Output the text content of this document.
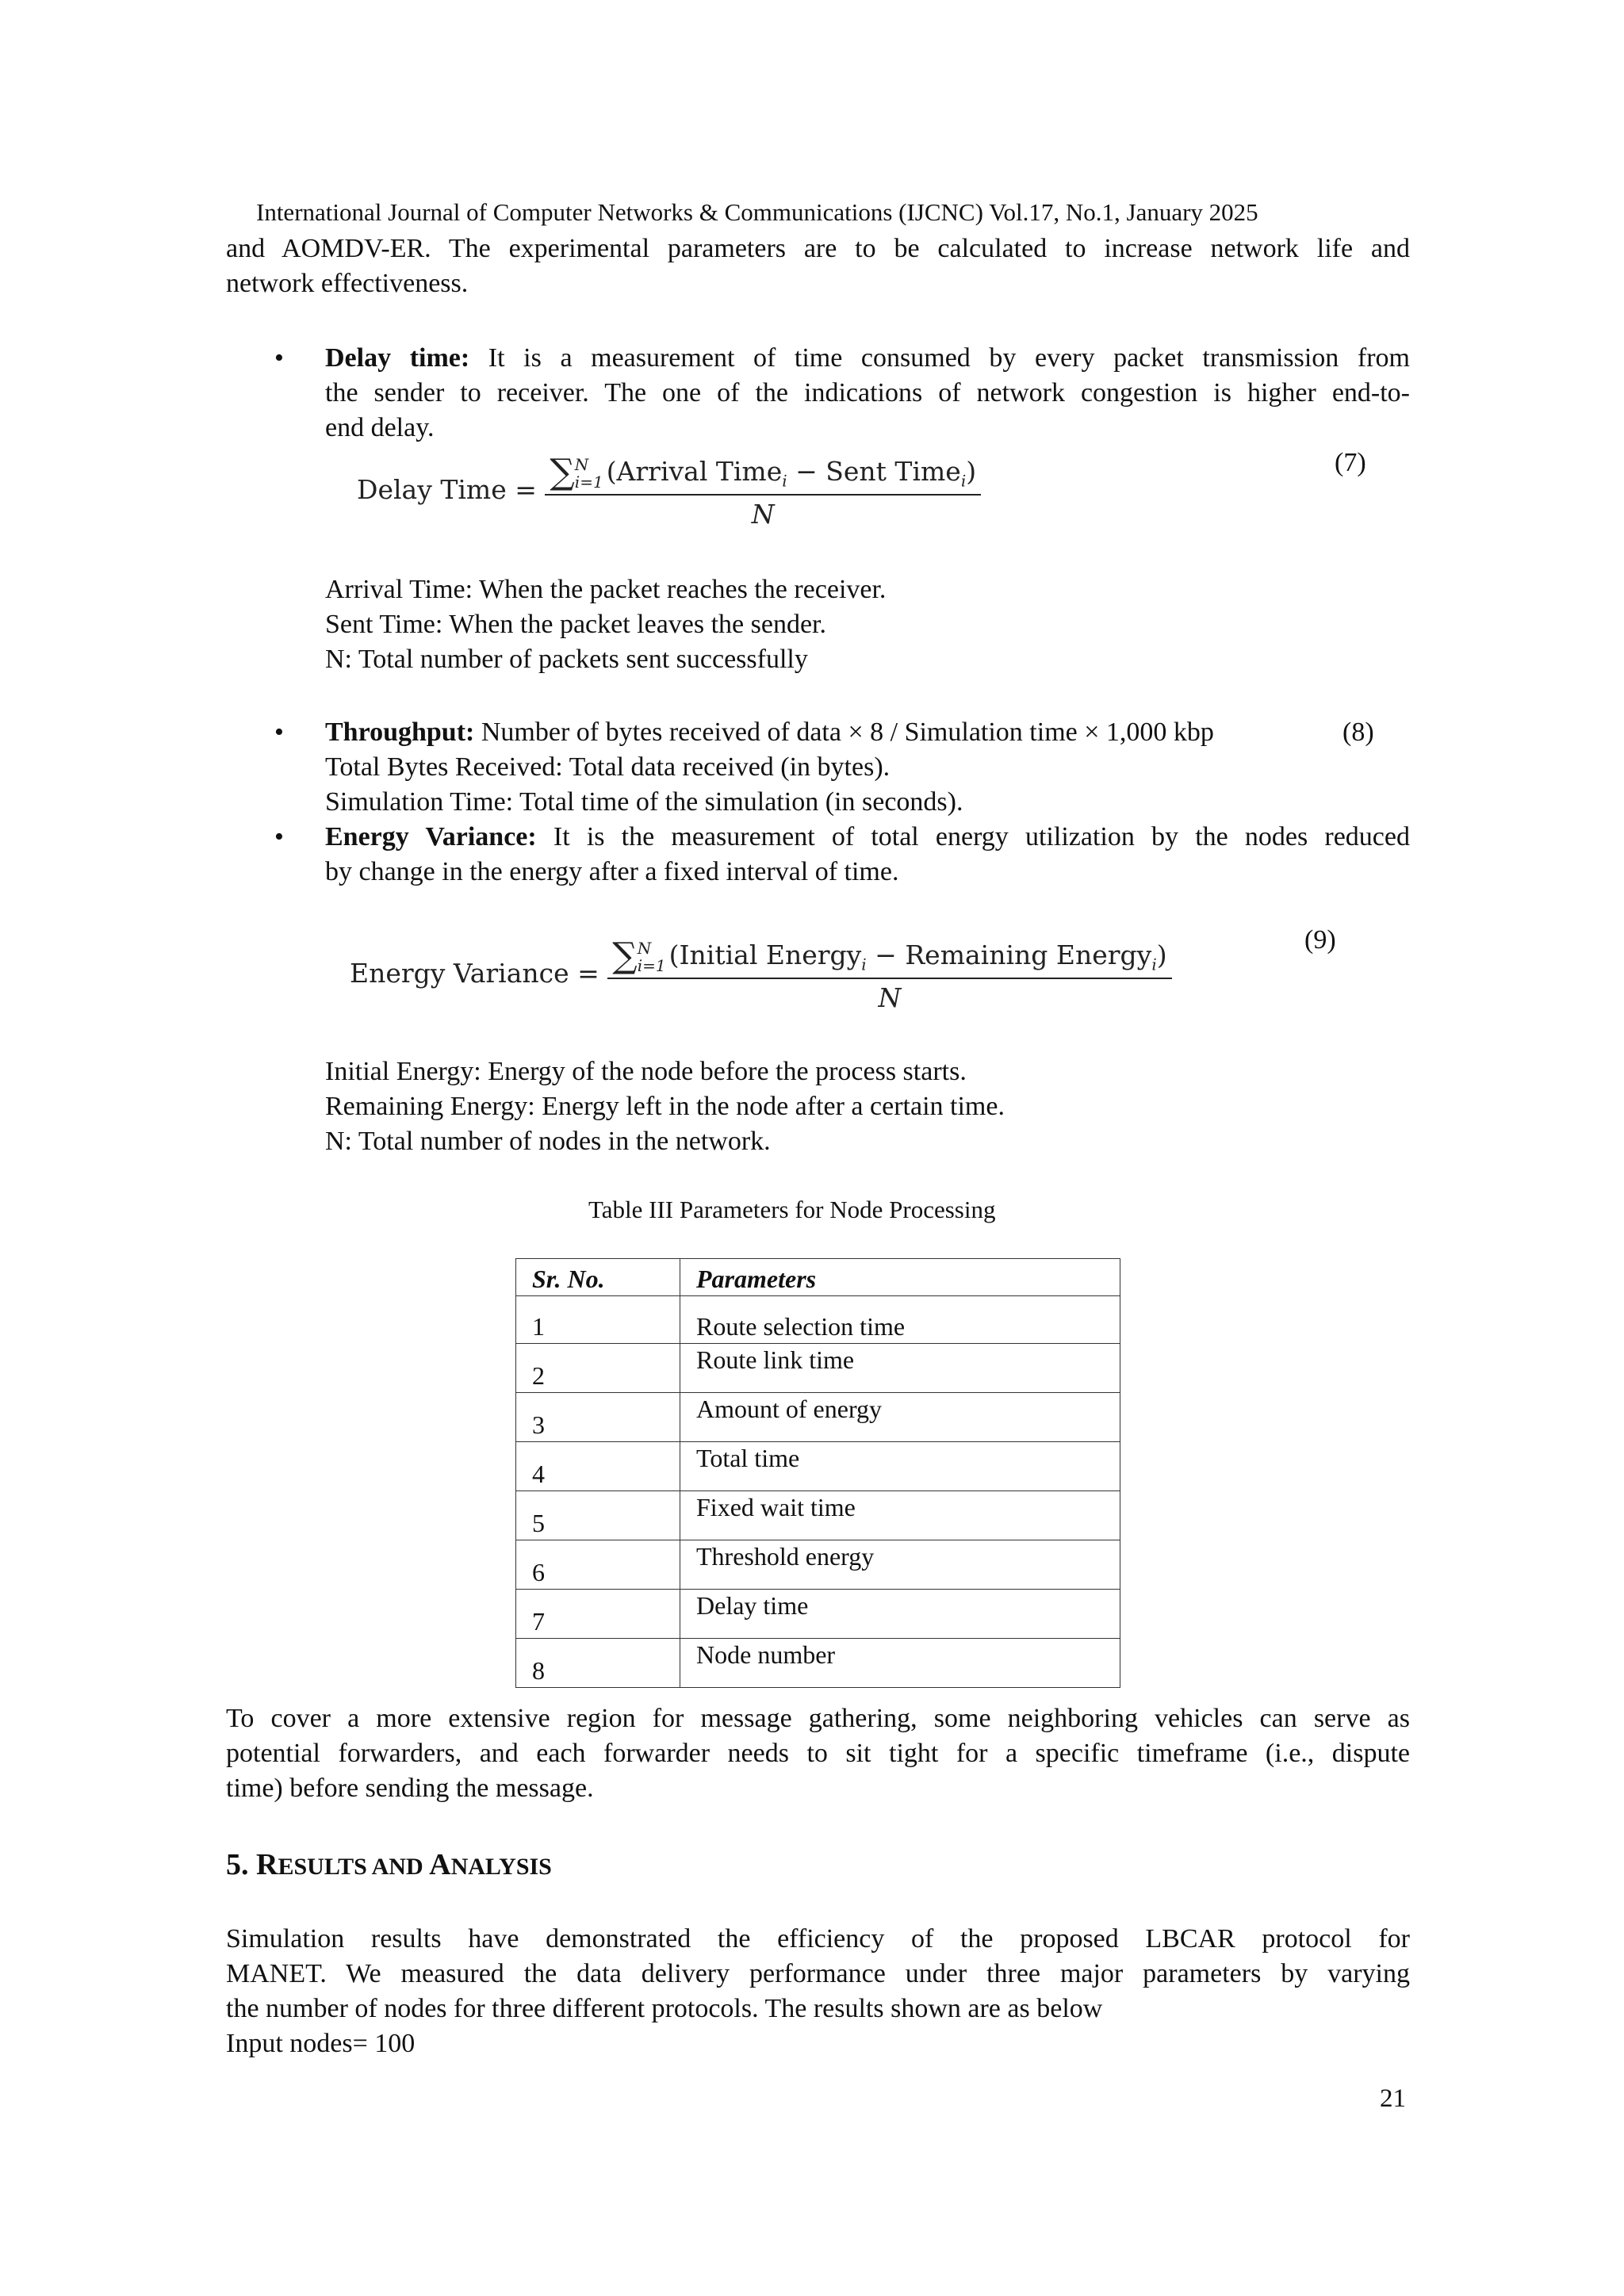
International Journal of Computer Networks & Communications (IJCNC) Vol.17, No.1, January 2025
and AOMDV-ER. The experimental parameters are to be calculated to increase network life and
network effectiveness.
• Delay time: It is a measurement of time consumed by every packet transmission from
the sender to receiver. The one of the indications of network congestion is higher end-to-
end delay.
Delay Time = ∑ N
i=1 (Arrival Time$_i$ − Sent Time$_i$)
N	(7)
Arrival Time: When the packet reaches the receiver.
Sent Time: When the packet leaves the sender.
N: Total number of packets sent successfully
• Throughput: Number of bytes received of data × 8 / Simulation time × 1,000 kbp	(8)
Total Bytes Received: Total data received (in bytes).
Simulation Time: Total time of the simulation (in seconds).
• Energy Variance: It is the measurement of total energy utilization by the nodes reduced
by change in the energy after a fixed interval of time.
Energy Variance = ∑ N
i=1 (Initial Energy$_i$ − Remaining Energy$_i$)
N	(9)
Initial Energy: Energy of the node before the process starts.
Remaining Energy: Energy left in the node after a certain time.
N: Total number of nodes in the network.
Table III Parameters for Node Processing
Sr. No.	Parameters
1	Route selection time
2	Route link time
3	Amount of energy
4	Total time
5	Fixed wait time
6	Threshold energy
7	Delay time
8	Node number
To cover a more extensive region for message gathering, some neighboring vehicles can serve as
potential forwarders, and each forwarder needs to sit tight for a specific timeframe (i.e., dispute
time) before sending the message.
5. RESULTS AND ANALYSIS
Simulation results have demonstrated the efficiency of the proposed LBCAR protocol for
MANET. We measured the data delivery performance under three major parameters by varying
the number of nodes for three different protocols. The results shown are as below
Input nodes= 100
21
